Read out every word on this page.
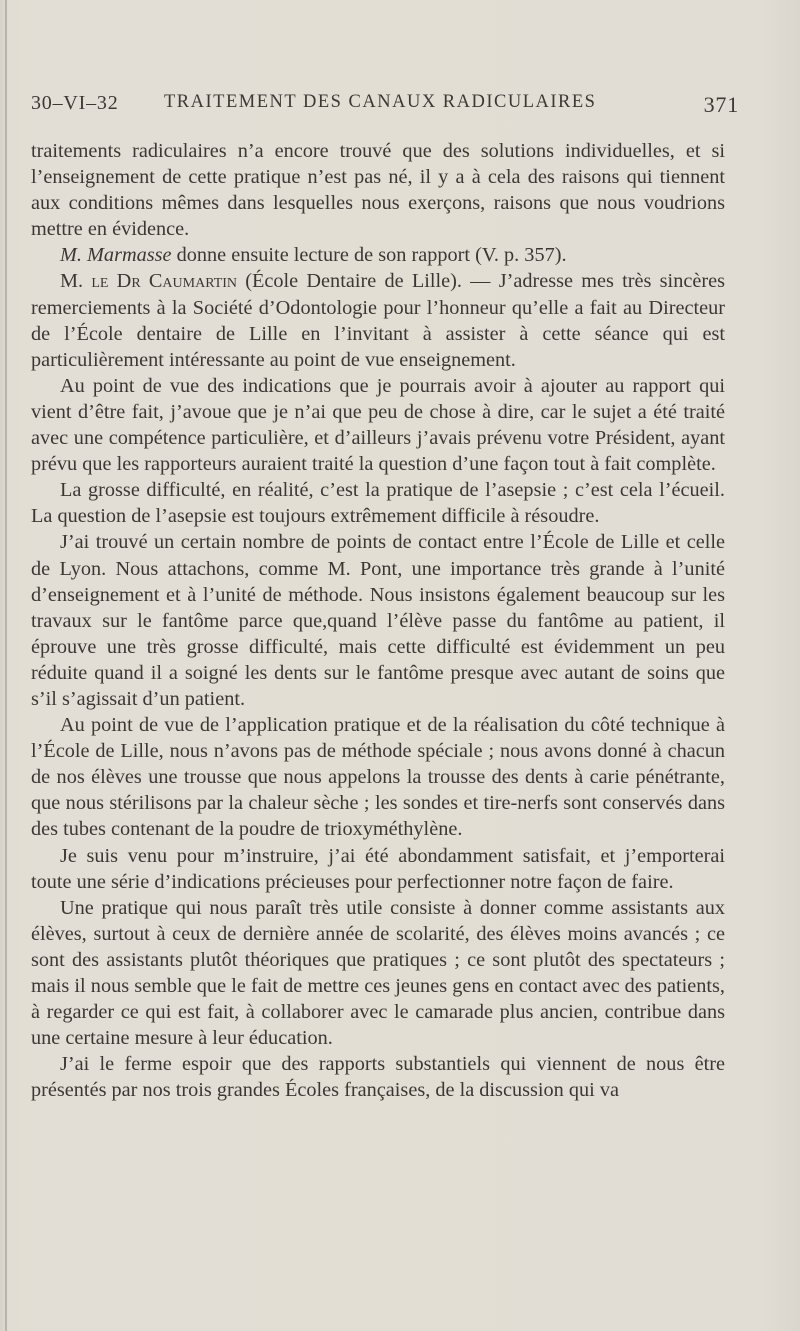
30–VI–32 TRAITEMENT DES CANAUX RADICULAIRES	371

traitements radiculaires n’a encore trouvé que des solutions individuelles, et si l’enseignement de cette pratique n’est pas né, il y a à cela des raisons qui tiennent aux conditions mêmes dans lesquelles nous exerçons, raisons que nous voudrions mettre en évidence.

M. Marmasse donne ensuite lecture de son rapport (V. p. 357).

M. le Dr Caumartin (École Dentaire de Lille). — J’adresse mes très sincères remerciements à la Société d’Odontologie pour l’honneur qu’elle a fait au Directeur de l’École dentaire de Lille en l’invitant à assister à cette séance qui est particulièrement intéressante au point de vue enseignement.

Au point de vue des indications que je pourrais avoir à ajouter au rapport qui vient d’être fait, j’avoue que je n’ai que peu de chose à dire, car le sujet a été traité avec une compétence particulière, et d’ailleurs j’avais prévenu votre Président, ayant prévu que les rapporteurs auraient traité la question d’une façon tout à fait complète.

La grosse difficulté, en réalité, c’est la pratique de l’asepsie ; c’est cela l’écueil. La question de l’asepsie est toujours extrêmement difficile à résoudre.

J’ai trouvé un certain nombre de points de contact entre l’École de Lille et celle de Lyon. Nous attachons, comme M. Pont, une importance très grande à l’unité d’enseignement et à l’unité de méthode. Nous insistons également beaucoup sur les travaux sur le fantôme parce que,quand l’élève passe du fantôme au patient, il éprouve une très grosse difficulté, mais cette difficulté est évidemment un peu réduite quand il a soigné les dents sur le fantôme presque avec autant de soins que s’il s’agissait d’un patient.

Au point de vue de l’application pratique et de la réalisation du côté technique à l’École de Lille, nous n’avons pas de méthode spéciale ; nous avons donné à chacun de nos élèves une trousse que nous appelons la trousse des dents à carie pénétrante, que nous stérilisons par la chaleur sèche ; les sondes et tire-nerfs sont conservés dans des tubes contenant de la poudre de trioxyméthylène.

Je suis venu pour m’instruire, j’ai été abondamment satisfait, et j’emporterai toute une série d’indications précieuses pour perfectionner notre façon de faire.

Une pratique qui nous paraît très utile consiste à donner comme assistants aux élèves, surtout à ceux de dernière année de scolarité, des élèves moins avancés ; ce sont des assistants plutôt théoriques que pratiques ; ce sont plutôt des spectateurs ; mais il nous semble que le fait de mettre ces jeunes gens en contact avec des patients, à regarder ce qui est fait, à collaborer avec le camarade plus ancien, contribue dans une certaine mesure à leur éducation.

J’ai le ferme espoir que des rapports substantiels qui viennent de nous être présentés par nos trois grandes Écoles françaises, de la discussion qui va
